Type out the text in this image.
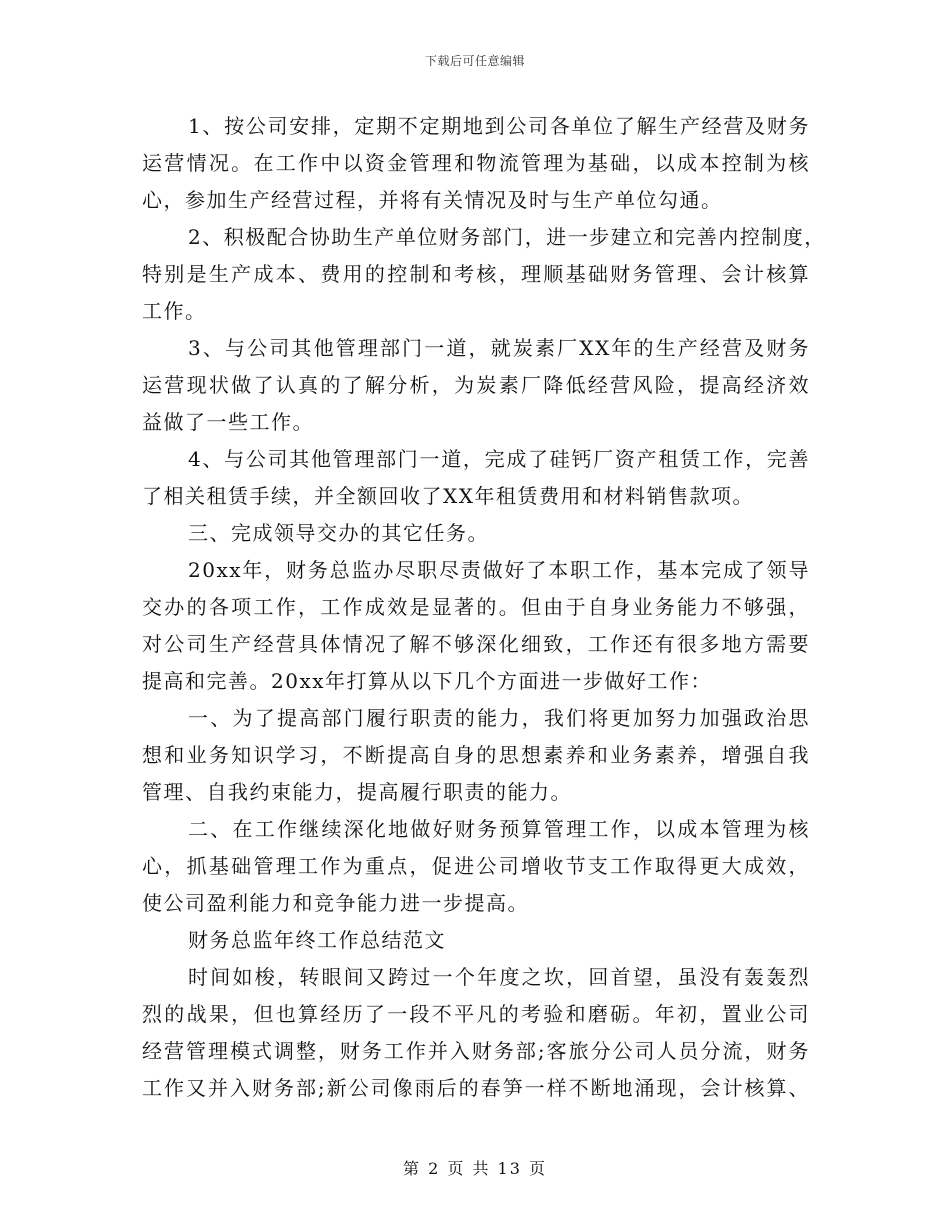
下载后可任意编辑
1、按公司安排，定期不定期地到公司各单位了解生产经营及财务
运营情况。在工作中以资金管理和物流管理为基础，以成本控制为核
心，参加生产经营过程，并将有关情况及时与生产单位勾通。
2、积极配合协助生产单位财务部门，进一步建立和完善内控制度，
特别是生产成本、费用的控制和考核，理顺基础财务管理、会计核算
工作。
3、与公司其他管理部门一道，就炭素厂XX年的生产经营及财务
运营现状做了认真的了解分析，为炭素厂降低经营风险，提高经济效
益做了一些工作。
4、与公司其他管理部门一道，完成了硅钙厂资产租赁工作，完善
了相关租赁手续，并全额回收了XX年租赁费用和材料销售款项。
三、完成领导交办的其它任务。
20xx年，财务总监办尽职尽责做好了本职工作，基本完成了领导
交办的各项工作，工作成效是显著的。但由于自身业务能力不够强，
对公司生产经营具体情况了解不够深化细致，工作还有很多地方需要
提高和完善。20xx年打算从以下几个方面进一步做好工作：
一、为了提高部门履行职责的能力，我们将更加努力加强政治思
想和业务知识学习，不断提高自身的思想素养和业务素养，增强自我
管理、自我约束能力，提高履行职责的能力。
二、在工作继续深化地做好财务预算管理工作，以成本管理为核
心，抓基础管理工作为重点，促进公司增收节支工作取得更大成效，
使公司盈利能力和竞争能力进一步提高。
财务总监年终工作总结范文
时间如梭，转眼间又跨过一个年度之坎，回首望，虽没有轰轰烈
烈的战果，但也算经历了一段不平凡的考验和磨砺。年初，置业公司
经营管理模式调整，财务工作并入财务部;客旅分公司人员分流，财务
工作又并入财务部;新公司像雨后的春笋一样不断地涌现，会计核算、
第 2 页 共 13 页
